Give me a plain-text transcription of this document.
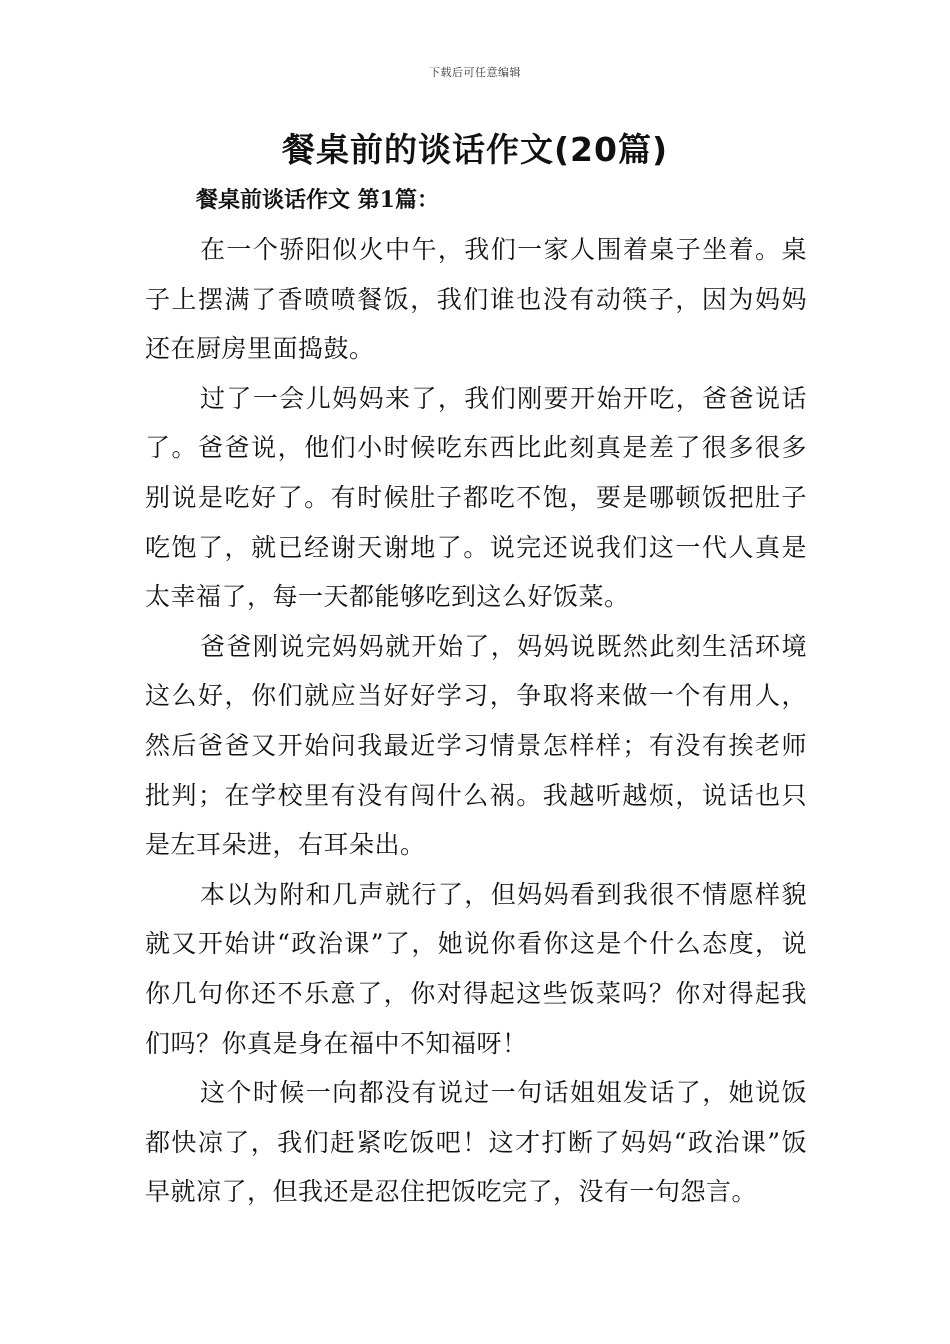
下载后可任意编辑
餐桌前的谈话作文(20篇)
餐桌前谈话作文 第1篇：

在一个骄阳似火中午，我们一家人围着桌子坐着。桌子上摆满了香喷喷餐饭，我们谁也没有动筷子，因为妈妈还在厨房里面捣鼓。

过了一会儿妈妈来了，我们刚要开始开吃，爸爸说话了。爸爸说，他们小时候吃东西比此刻真是差了很多很多别说是吃好了。有时候肚子都吃不饱，要是哪顿饭把肚子吃饱了，就已经谢天谢地了。说完还说我们这一代人真是太幸福了，每一天都能够吃到这么好饭菜。

爸爸刚说完妈妈就开始了，妈妈说既然此刻生活环境这么好，你们就应当好好学习，争取将来做一个有用人，然后爸爸又开始问我最近学习情景怎样样；有没有挨老师批判；在学校里有没有闯什么祸。我越听越烦，说话也只是左耳朵进，右耳朵出。

本以为附和几声就行了，但妈妈看到我很不情愿样貌就又开始讲“政治课”了，她说你看你这是个什么态度，说你几句你还不乐意了，你对得起这些饭菜吗？你对得起我们吗？你真是身在福中不知福呀！

这个时候一向都没有说过一句话姐姐发话了，她说饭都快凉了，我们赶紧吃饭吧！这才打断了妈妈“政治课”饭早就凉了，但我还是忍住把饭吃完了，没有一句怨言。
